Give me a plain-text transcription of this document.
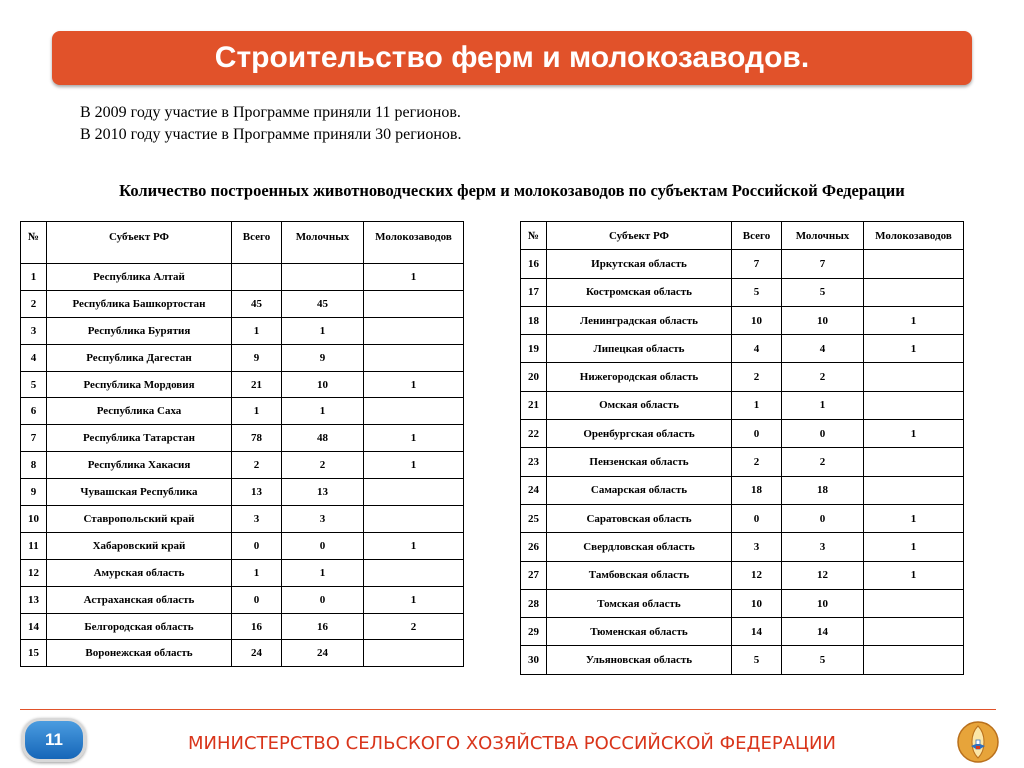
Строительство ферм и молокозаводов.

В 2009 году участие в Программе приняли 11 регионов.

В 2010 году участие в Программе приняли 30 регионов.

Количество построенных животноводческих ферм и молокозаводов по субъектам Российской Федерации
№	Субъект РФ	Всего	Молочных	Молокозаводов
1	Республика Алтай			1
2	Республика Башкортостан	45	45	
3	Республика Бурятия	1	1	
4	Республика Дагестан	9	9	
5	Республика Мордовия	21	10	1
6	Республика Саха	1	1	
7	Республика Татарстан	78	48	1
8	Республика Хакасия	2	2	1
9	Чувашская Республика	13	13	
10	Ставропольский край	3	3	
11	Хабаровский край	0	0	1
12	Амурская область	1	1	
13	Астраханская область	0	0	1
14	Белгородская область	16	16	2
15	Воронежская область	24	24	
№	Субъект РФ	Всего	Молочных	Молокозаводов
16	Иркутская область	7	7	
17	Костромская область	5	5	
18	Ленинградская область	10	10	1
19	Липецкая область	4	4	1
20	Нижегородская область	2	2	
21	Омская область	1	1	
22	Оренбургская область	0	0	1
23	Пензенская область	2	2	
24	Самарская область	18	18	
25	Саратовская область	0	0	1
26	Свердловская область	3	3	1
27	Тамбовская область	12	12	1
28	Томская область	10	10	
29	Тюменская область	14	14	
30	Ульяновская область	5	5	
11	МИНИСТЕРСТВО СЕЛЬСКОГО ХОЗЯЙСТВА РОССИЙСКОЙ ФЕДЕРАЦИИ
